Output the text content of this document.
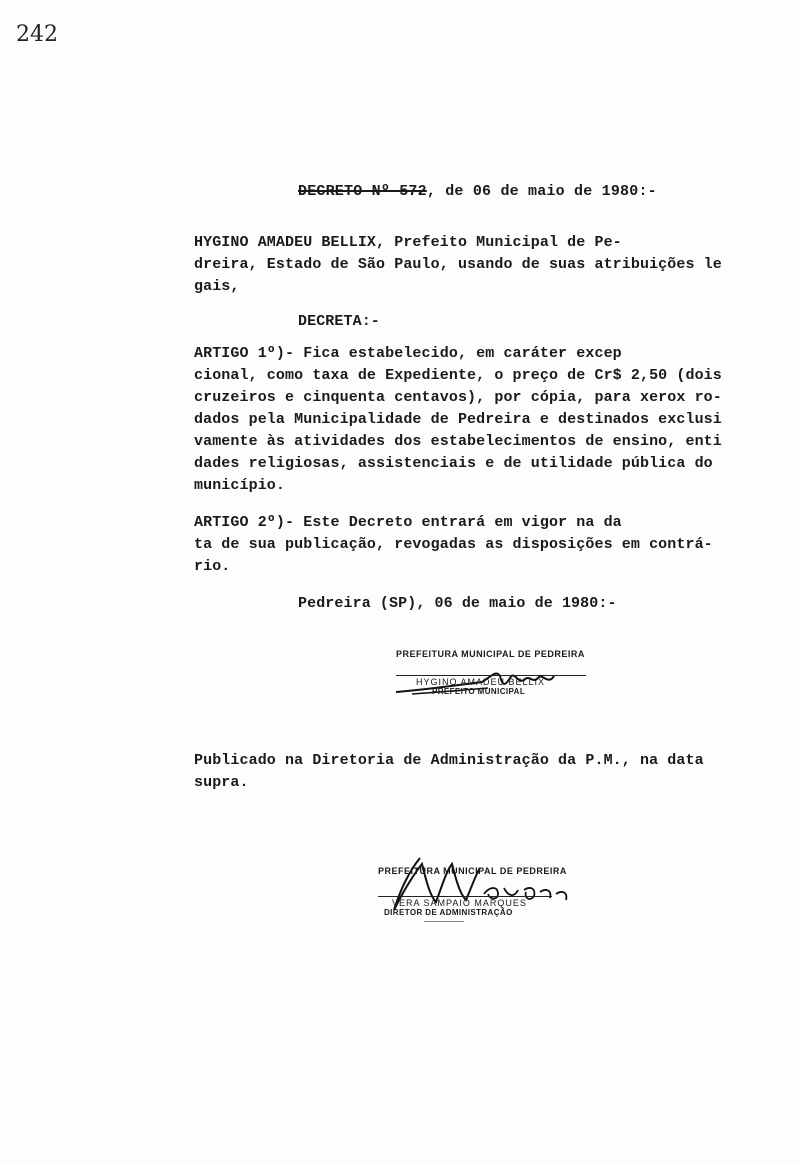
242
DECRETO Nº 572, de 06 de maio de 1980:-
HYGINO AMADEU BELLIX, Prefeito Municipal de Pe-
dreira, Estado de São Paulo, usando de suas atribuições le
gais,
DECRETA:-
ARTIGO 1º)- Fica estabelecido, em caráter excep
cional, como taxa de Expediente, o preço de Cr$ 2,50 (dois
cruzeiros e cinquenta centavos), por cópia, para xerox ro-
dados pela Municipalidade de Pedreira e destinados exclusi
vamente às atividades dos estabelecimentos de ensino, enti
dades religiosas, assistenciais e de utilidade pública do
município.
ARTIGO 2º)- Este Decreto entrará em vigor na da
ta de sua publicação, revogadas as disposições em contrá-
rio.
Pedreira (SP), 06 de maio de 1980:-
PREFEITURA MUNICIPAL DE PEDREIRA
HYGINO AMADEU BELLIX
PREFEITO MUNICIPAL
Publicado na Diretoria de Administração da P.M., na data
supra.
PREFEITURA MUNICIPAL DE PEDREIRA
VERA SAMPAIO MARQUES
DIRETOR DE ADMINISTRAÇÃO
